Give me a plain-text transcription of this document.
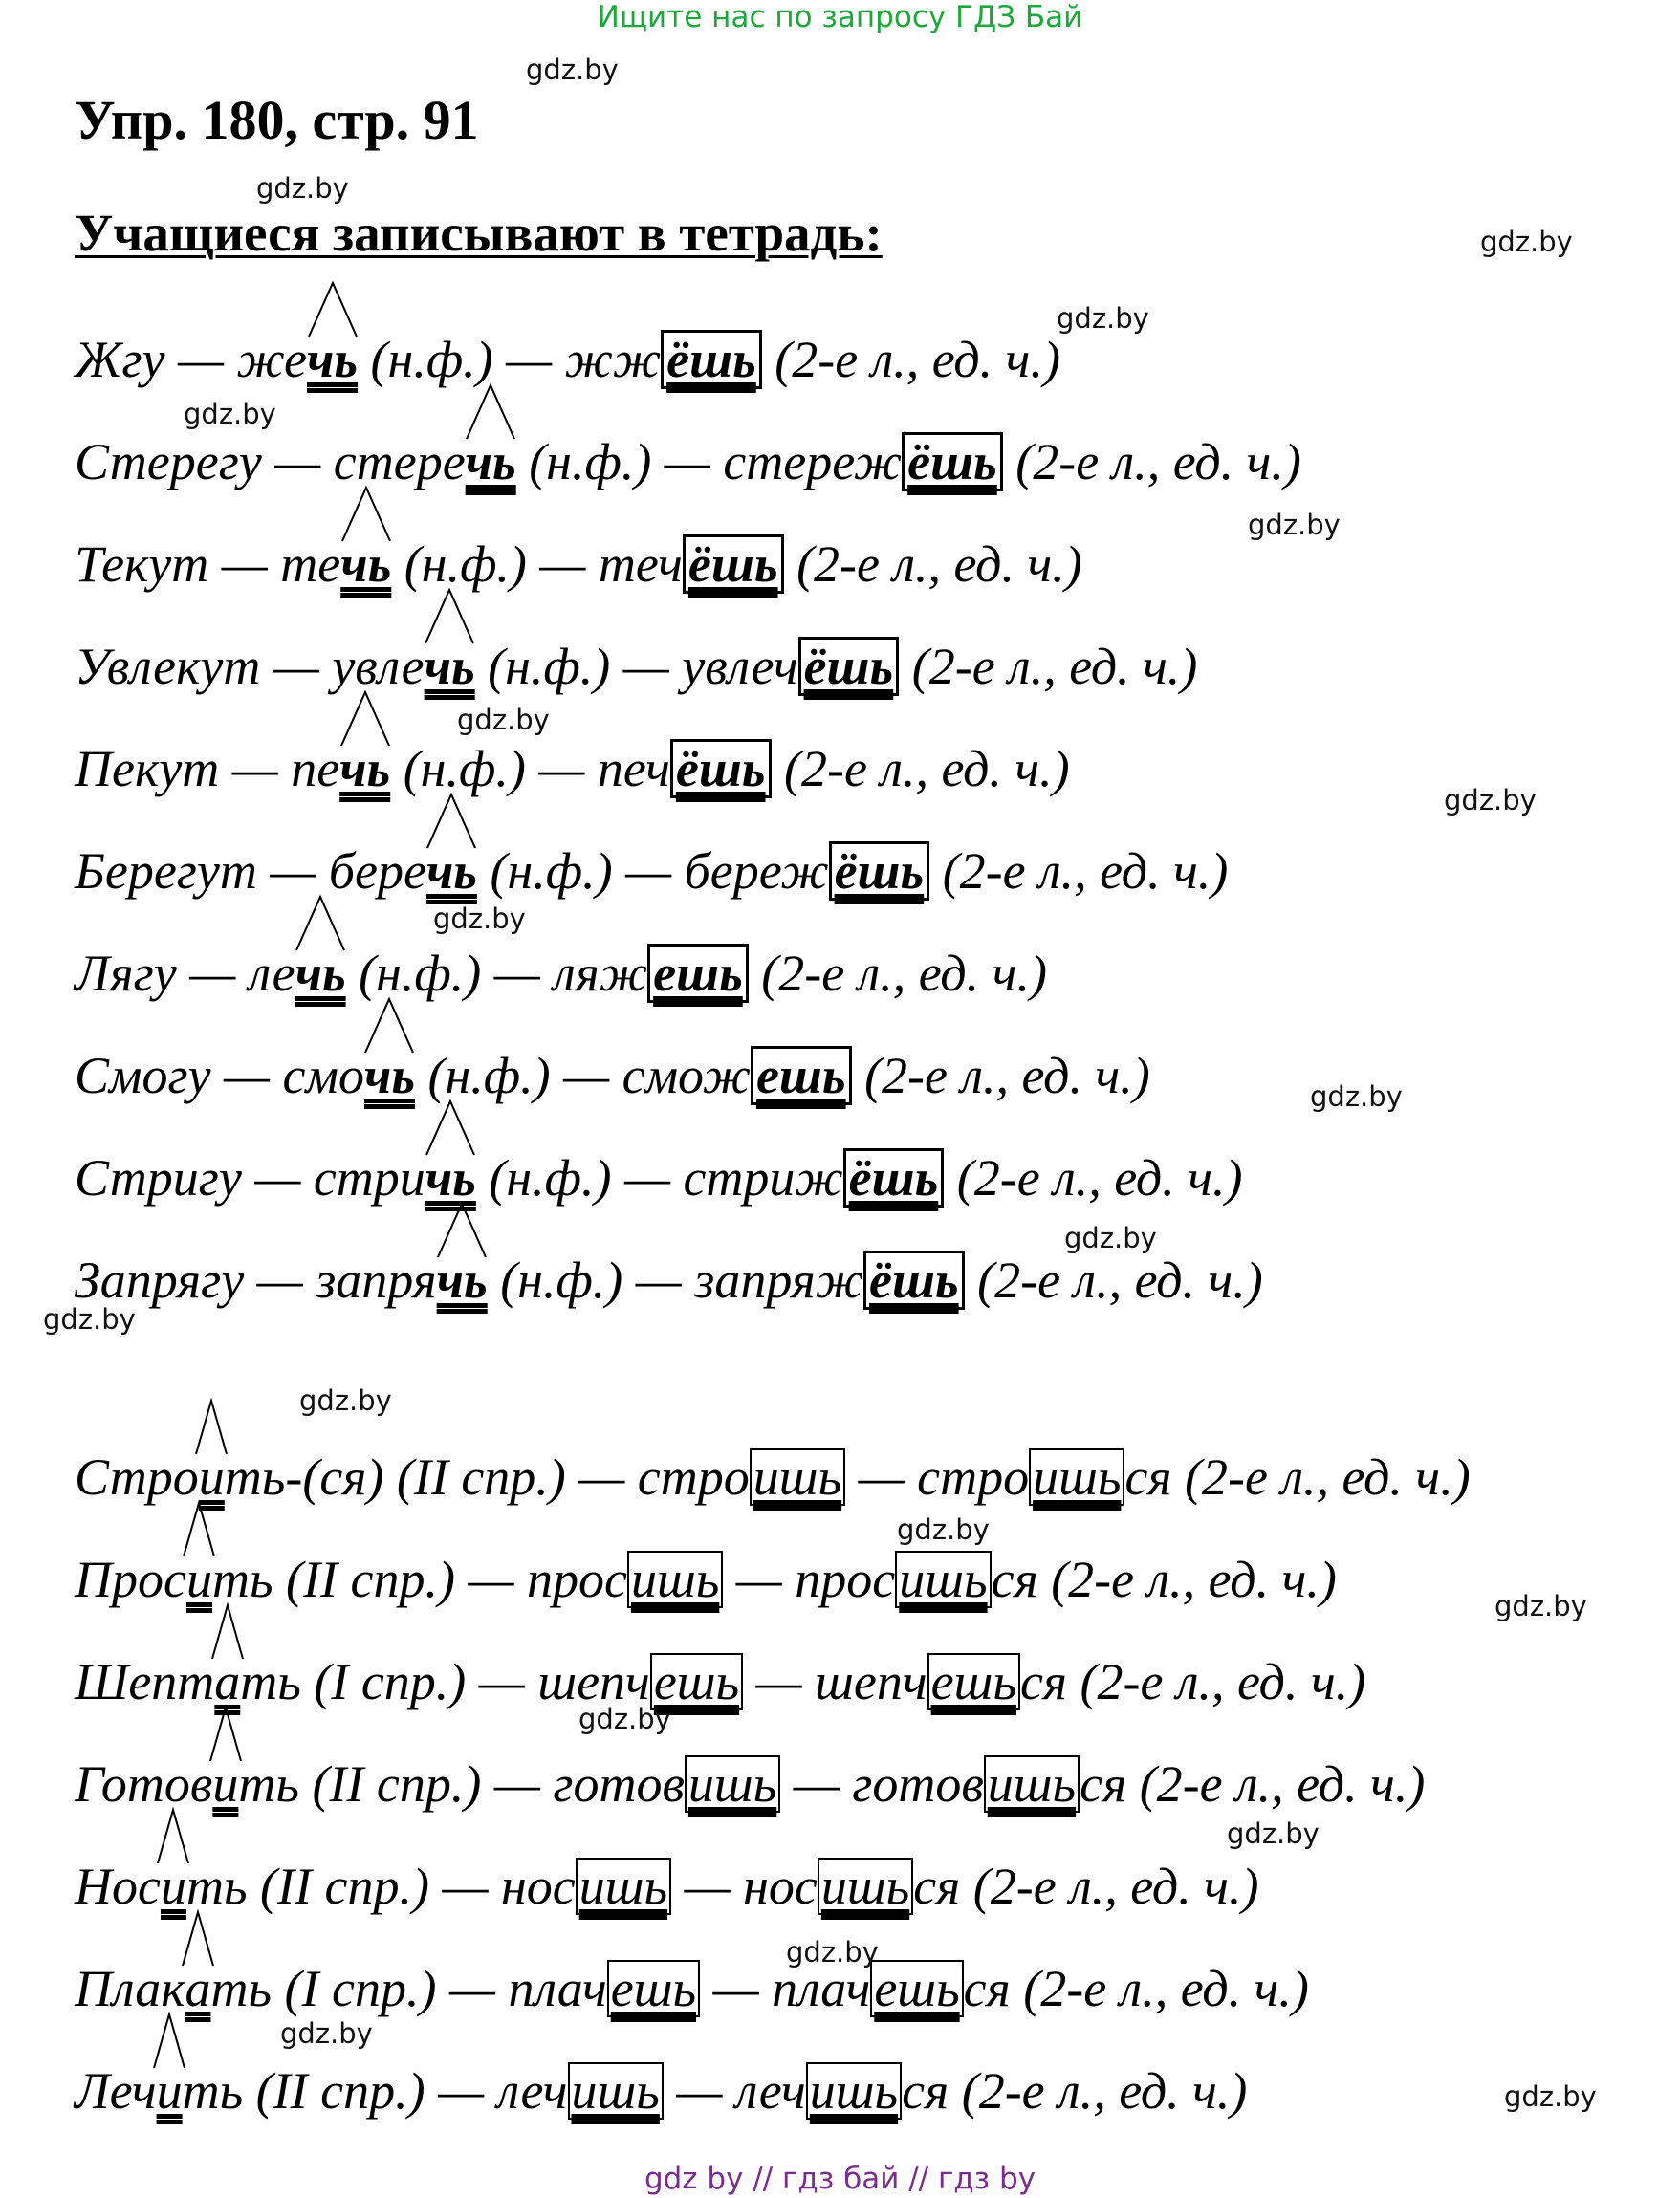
Ищите нас по запросу ГДЗ Бай
Упр. 180, стр. 91
Учащиеся записывают в тетрадь:
Жгу — жечь (н.ф.) — жж ёшь (2-е л., ед. ч.)
Стерегу — стеречь (н.ф.) — стереж ёшь (2-е л., ед. ч.)
Текут — течь (н.ф.) — теч ёшь (2-е л., ед. ч.)
Увлекут — увлечь (н.ф.) — увлеч ёшь (2-е л., ед. ч.)
Пекут — печь (н.ф.) — печ ёшь (2-е л., ед. ч.)
Берегут — беречь (н.ф.) — береж ёшь (2-е л., ед. ч.)
Лягу — лечь (н.ф.) — ляж ешь (2-е л., ед. ч.)
Смогу — смочь (н.ф.) — смож ешь (2-е л., ед. ч.)
Стригу — стричь (н.ф.) — стриж ёшь (2-е л., ед. ч.)
Запрягу — запрячь (н.ф.) — запряж ёшь (2-е л., ед. ч.)
Строи
ть-(ся) (II спр.) — строишь — строишься (2-е л., ед. ч.)
Проси
ть (II спр.) — просишь — просишься (2-е л., ед. ч.)
Шепта
ть (I спр.) — шепчешь — шепчешься (2-е л., ед. ч.)
Готови
ть (II спр.) — готовишь — готовишься (2-е л., ед. ч.)
Носи
ть (II спр.) — носишь — носишься (2-е л., ед. ч.)
Плака
ть (I спр.) — плачешь — плачешься (2-е л., ед. ч.)
Лечи
ть (II спр.) — лечишь — лечишься (2-е л., ед. ч.)
gdz.by
gdz.by
gdz.by
gdz.by
gdz.by
gdz.by
gdz.by
gdz.by
gdz.by
gdz.by
gdz.by
gdz.by
gdz.by
gdz.by
gdz.by
gdz.by
gdz.by
gdz.by
gdz.by
gdz.by
gdz by // гдз бай // гдз by
